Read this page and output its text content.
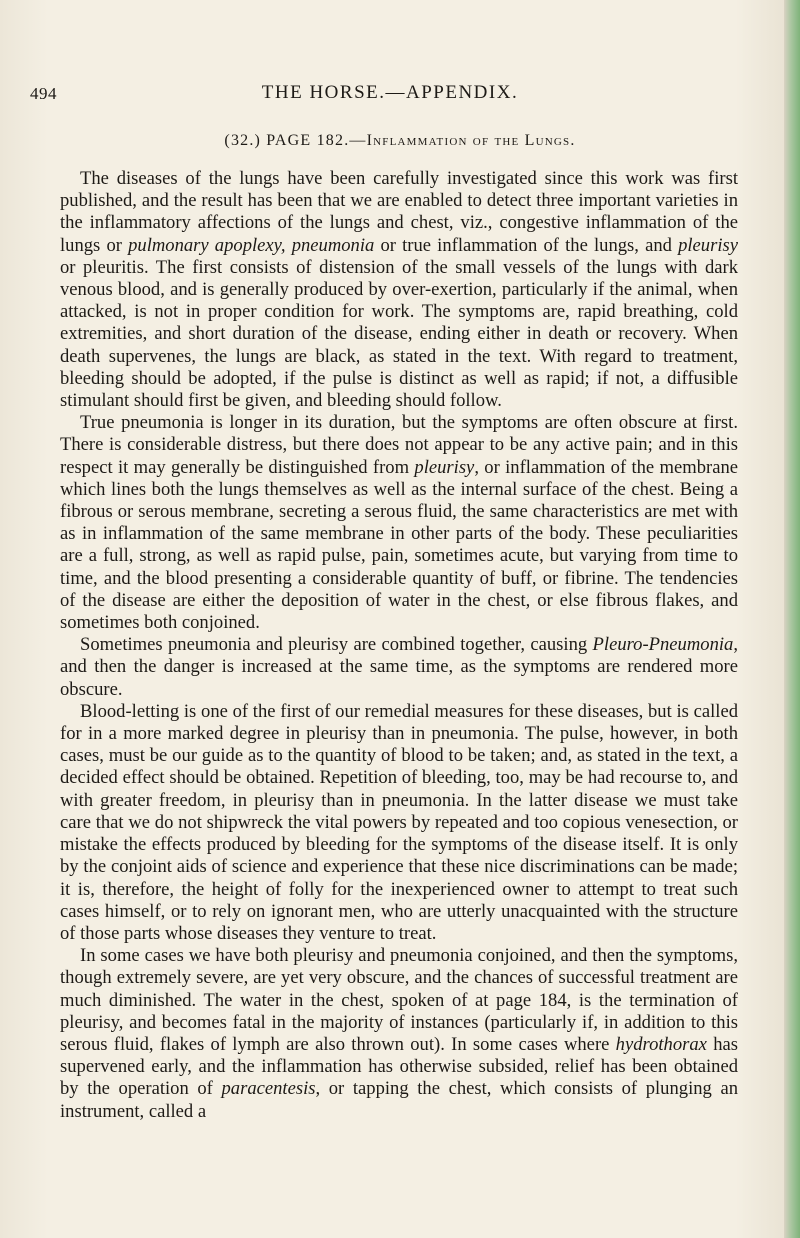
494	THE HORSE.—APPENDIX.
(32.) PAGE 182.—Inflammation of the Lungs.

The diseases of the lungs have been carefully investigated since this work was first published, and the result has been that we are enabled to detect three important varieties in the inflammatory affections of the lungs and chest, viz., congestive inflammation of the lungs or pulmonary apoplexy, pneumonia or true inflammation of the lungs, and pleurisy or pleuritis. The first consists of distension of the small vessels of the lungs with dark venous blood, and is generally produced by over-exertion, particularly if the animal, when attacked, is not in proper condition for work. The symptoms are, rapid breathing, cold extremities, and short duration of the disease, ending either in death or recovery. When death supervenes, the lungs are black, as stated in the text. With regard to treatment, bleeding should be adopted, if the pulse is distinct as well as rapid; if not, a diffusible stimulant should first be given, and bleeding should follow.

True pneumonia is longer in its duration, but the symptoms are often obscure at first. There is considerable distress, but there does not appear to be any active pain; and in this respect it may generally be distinguished from pleurisy, or inflammation of the membrane which lines both the lungs themselves as well as the internal surface of the chest. Being a fibrous or serous membrane, secreting a serous fluid, the same characteristics are met with as in inflammation of the same membrane in other parts of the body. These peculiarities are a full, strong, as well as rapid pulse, pain, sometimes acute, but varying from time to time, and the blood presenting a considerable quantity of buff, or fibrine. The tendencies of the disease are either the deposition of water in the chest, or else fibrous flakes, and sometimes both conjoined.

Sometimes pneumonia and pleurisy are combined together, causing Pleuro-Pneumonia, and then the danger is increased at the same time, as the symptoms are rendered more obscure.

Blood-letting is one of the first of our remedial measures for these diseases, but is called for in a more marked degree in pleurisy than in pneumonia. The pulse, however, in both cases, must be our guide as to the quantity of blood to be taken; and, as stated in the text, a decided effect should be obtained. Repetition of bleeding, too, may be had recourse to, and with greater freedom, in pleurisy than in pneumonia. In the latter disease we must take care that we do not shipwreck the vital powers by repeated and too copious venesection, or mistake the effects produced by bleeding for the symptoms of the disease itself. It is only by the conjoint aids of science and experience that these nice discriminations can be made; it is, therefore, the height of folly for the inexperienced owner to attempt to treat such cases himself, or to rely on ignorant men, who are utterly unacquainted with the structure of those parts whose diseases they venture to treat.

In some cases we have both pleurisy and pneumonia conjoined, and then the symptoms, though extremely severe, are yet very obscure, and the chances of successful treatment are much diminished. The water in the chest, spoken of at page 184, is the termination of pleurisy, and becomes fatal in the majority of instances (particularly if, in addition to this serous fluid, flakes of lymph are also thrown out). In some cases where hydrothorax has supervened early, and the inflammation has otherwise subsided, relief has been obtained by the operation of paracentesis, or tapping the chest, which consists of plunging an instrument, called a
